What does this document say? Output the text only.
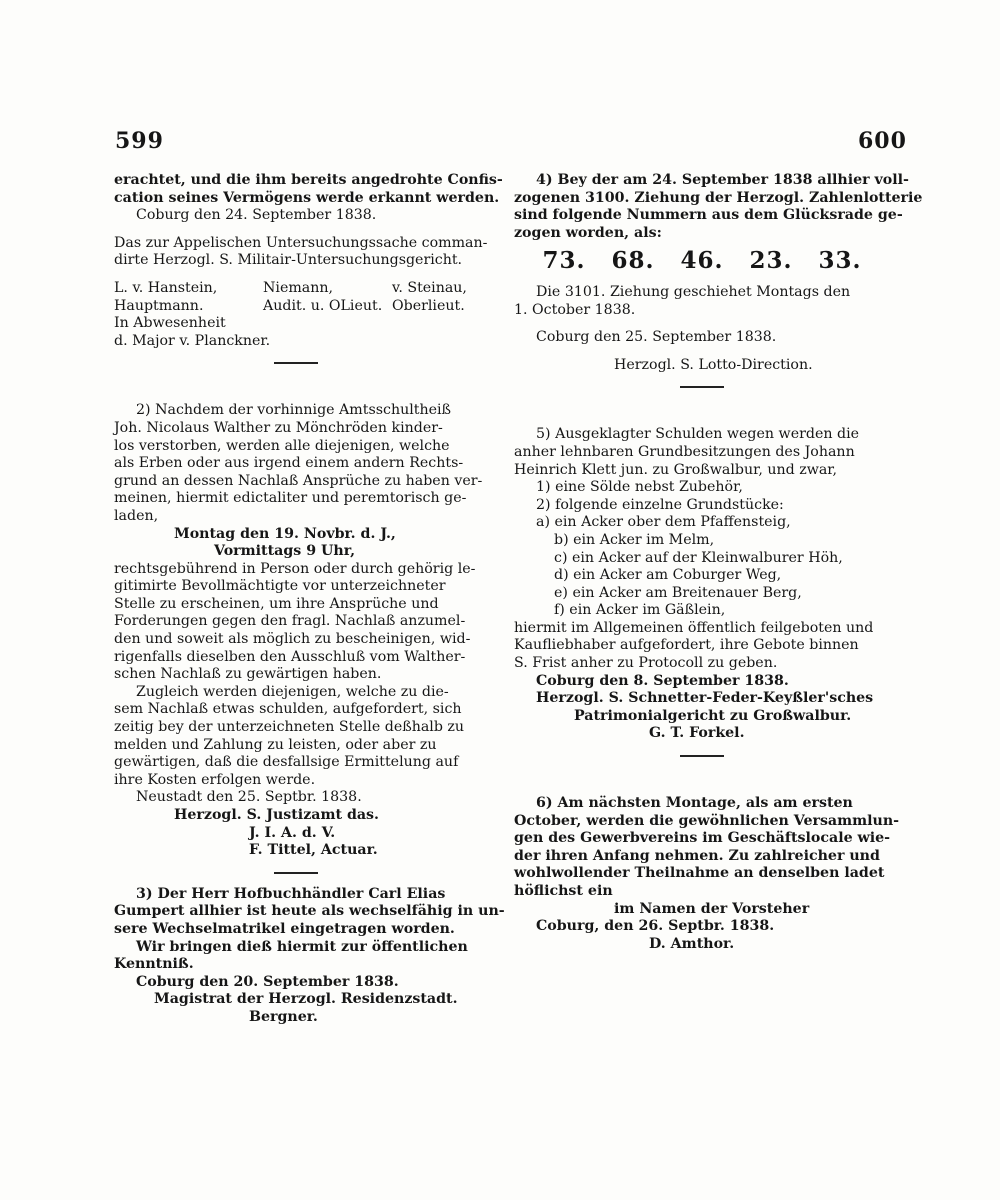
599	600
erachtet, und die ihm bereits angedrohte Confis-
cation seines Vermögens werde erkannt werden.
Coburg den 24. September 1838.
Das zur Appelischen Untersuchungssache comman-
dirte Herzogl. S. Militair-Untersuchungsgericht.
L. v. Hanstein,	Niemann,	v. Steinau,
Hauptmann.	Audit. u. OLieut. Oberlieut.
In Abwesenheit
d. Major v. Planckner.
2) Nachdem der vorhinnige Amtsschultheiß
Joh. Nicolaus Walther zu Mönchröden kinder-
los verstorben, werden alle diejenigen, welche
als Erben oder aus irgend einem andern Rechts-
grund an dessen Nachlaß Ansprüche zu haben ver-
meinen, hiermit edictaliter und peremtorisch ge-
laden,
Montag den 19. Novbr. d. J.,
Vormittags 9 Uhr,
rechtsgebührend in Person oder durch gehörig le-
gitimirte Bevollmächtigte vor unterzeichneter
Stelle zu erscheinen, um ihre Ansprüche und
Forderungen gegen den fragl. Nachlaß anzumel-
den und soweit als möglich zu bescheinigen, wid-
rigenfalls dieselben den Ausschluß vom Walther-
schen Nachlaß zu gewärtigen haben.
Zugleich werden diejenigen, welche zu die-
sem Nachlaß etwas schulden, aufgefordert, sich
zeitig bey der unterzeichneten Stelle deßhalb zu
melden und Zahlung zu leisten, oder aber zu
gewärtigen, daß die desfallsige Ermittelung auf
ihre Kosten erfolgen werde.
Neustadt den 25. Septbr. 1838.
Herzogl. S. Justizamt das.
J. I. A. d. V.
F. Tittel, Actuar.
3) Der Herr Hofbuchhändler Carl Elias
Gumpert allhier ist heute als wechselfähig in un-
sere Wechselmatrikel eingetragen worden.
Wir bringen dieß hiermit zur öffentlichen
Kenntniß.
Coburg den 20. September 1838.
Magistrat der Herzogl. Residenzstadt.
Bergner.
4) Bey der am 24. September 1838 allhier voll-
zogenen 3100. Ziehung der Herzogl. Zahlenlotterie
sind folgende Nummern aus dem Glücksrade ge-
zogen worden, als:
73. 68. 46. 23. 33.
Die 3101. Ziehung geschiehet Montags den
1. October 1838.
Coburg den 25. September 1838.
Herzogl. S. Lotto-Direction.
5) Ausgeklagter Schulden wegen werden die
anher lehnbaren Grundbesitzungen des Johann
Heinrich Klett jun. zu Großwalbur, und zwar,
1) eine Sölde nebst Zubehör,
2) folgende einzelne Grundstücke:
a) ein Acker ober dem Pfaffensteig,
b) ein Acker im Melm,
c) ein Acker auf der Kleinwalburer Höh,
d) ein Acker am Coburger Weg,
e) ein Acker am Breitenauer Berg,
f) ein Acker im Gäßlein,
hiermit im Allgemeinen öffentlich feilgeboten und
Kaufliebhaber aufgefordert, ihre Gebote binnen
S. Frist anher zu Protocoll zu geben.
Coburg den 8. September 1838.
Herzogl. S. Schnetter-Feder-Keyßler'sches
Patrimonialgericht zu Großwalbur.
G. T. Forkel.
6) Am nächsten Montage, als am ersten
October, werden die gewöhnlichen Versammlun-
gen des Gewerbvereins im Geschäftslocale wie-
der ihren Anfang nehmen. Zu zahlreicher und
wohlwollender Theilnahme an denselben ladet
höflichst ein
im Namen der Vorsteher
Coburg, den 26. Septbr. 1838.
D. Amthor.
